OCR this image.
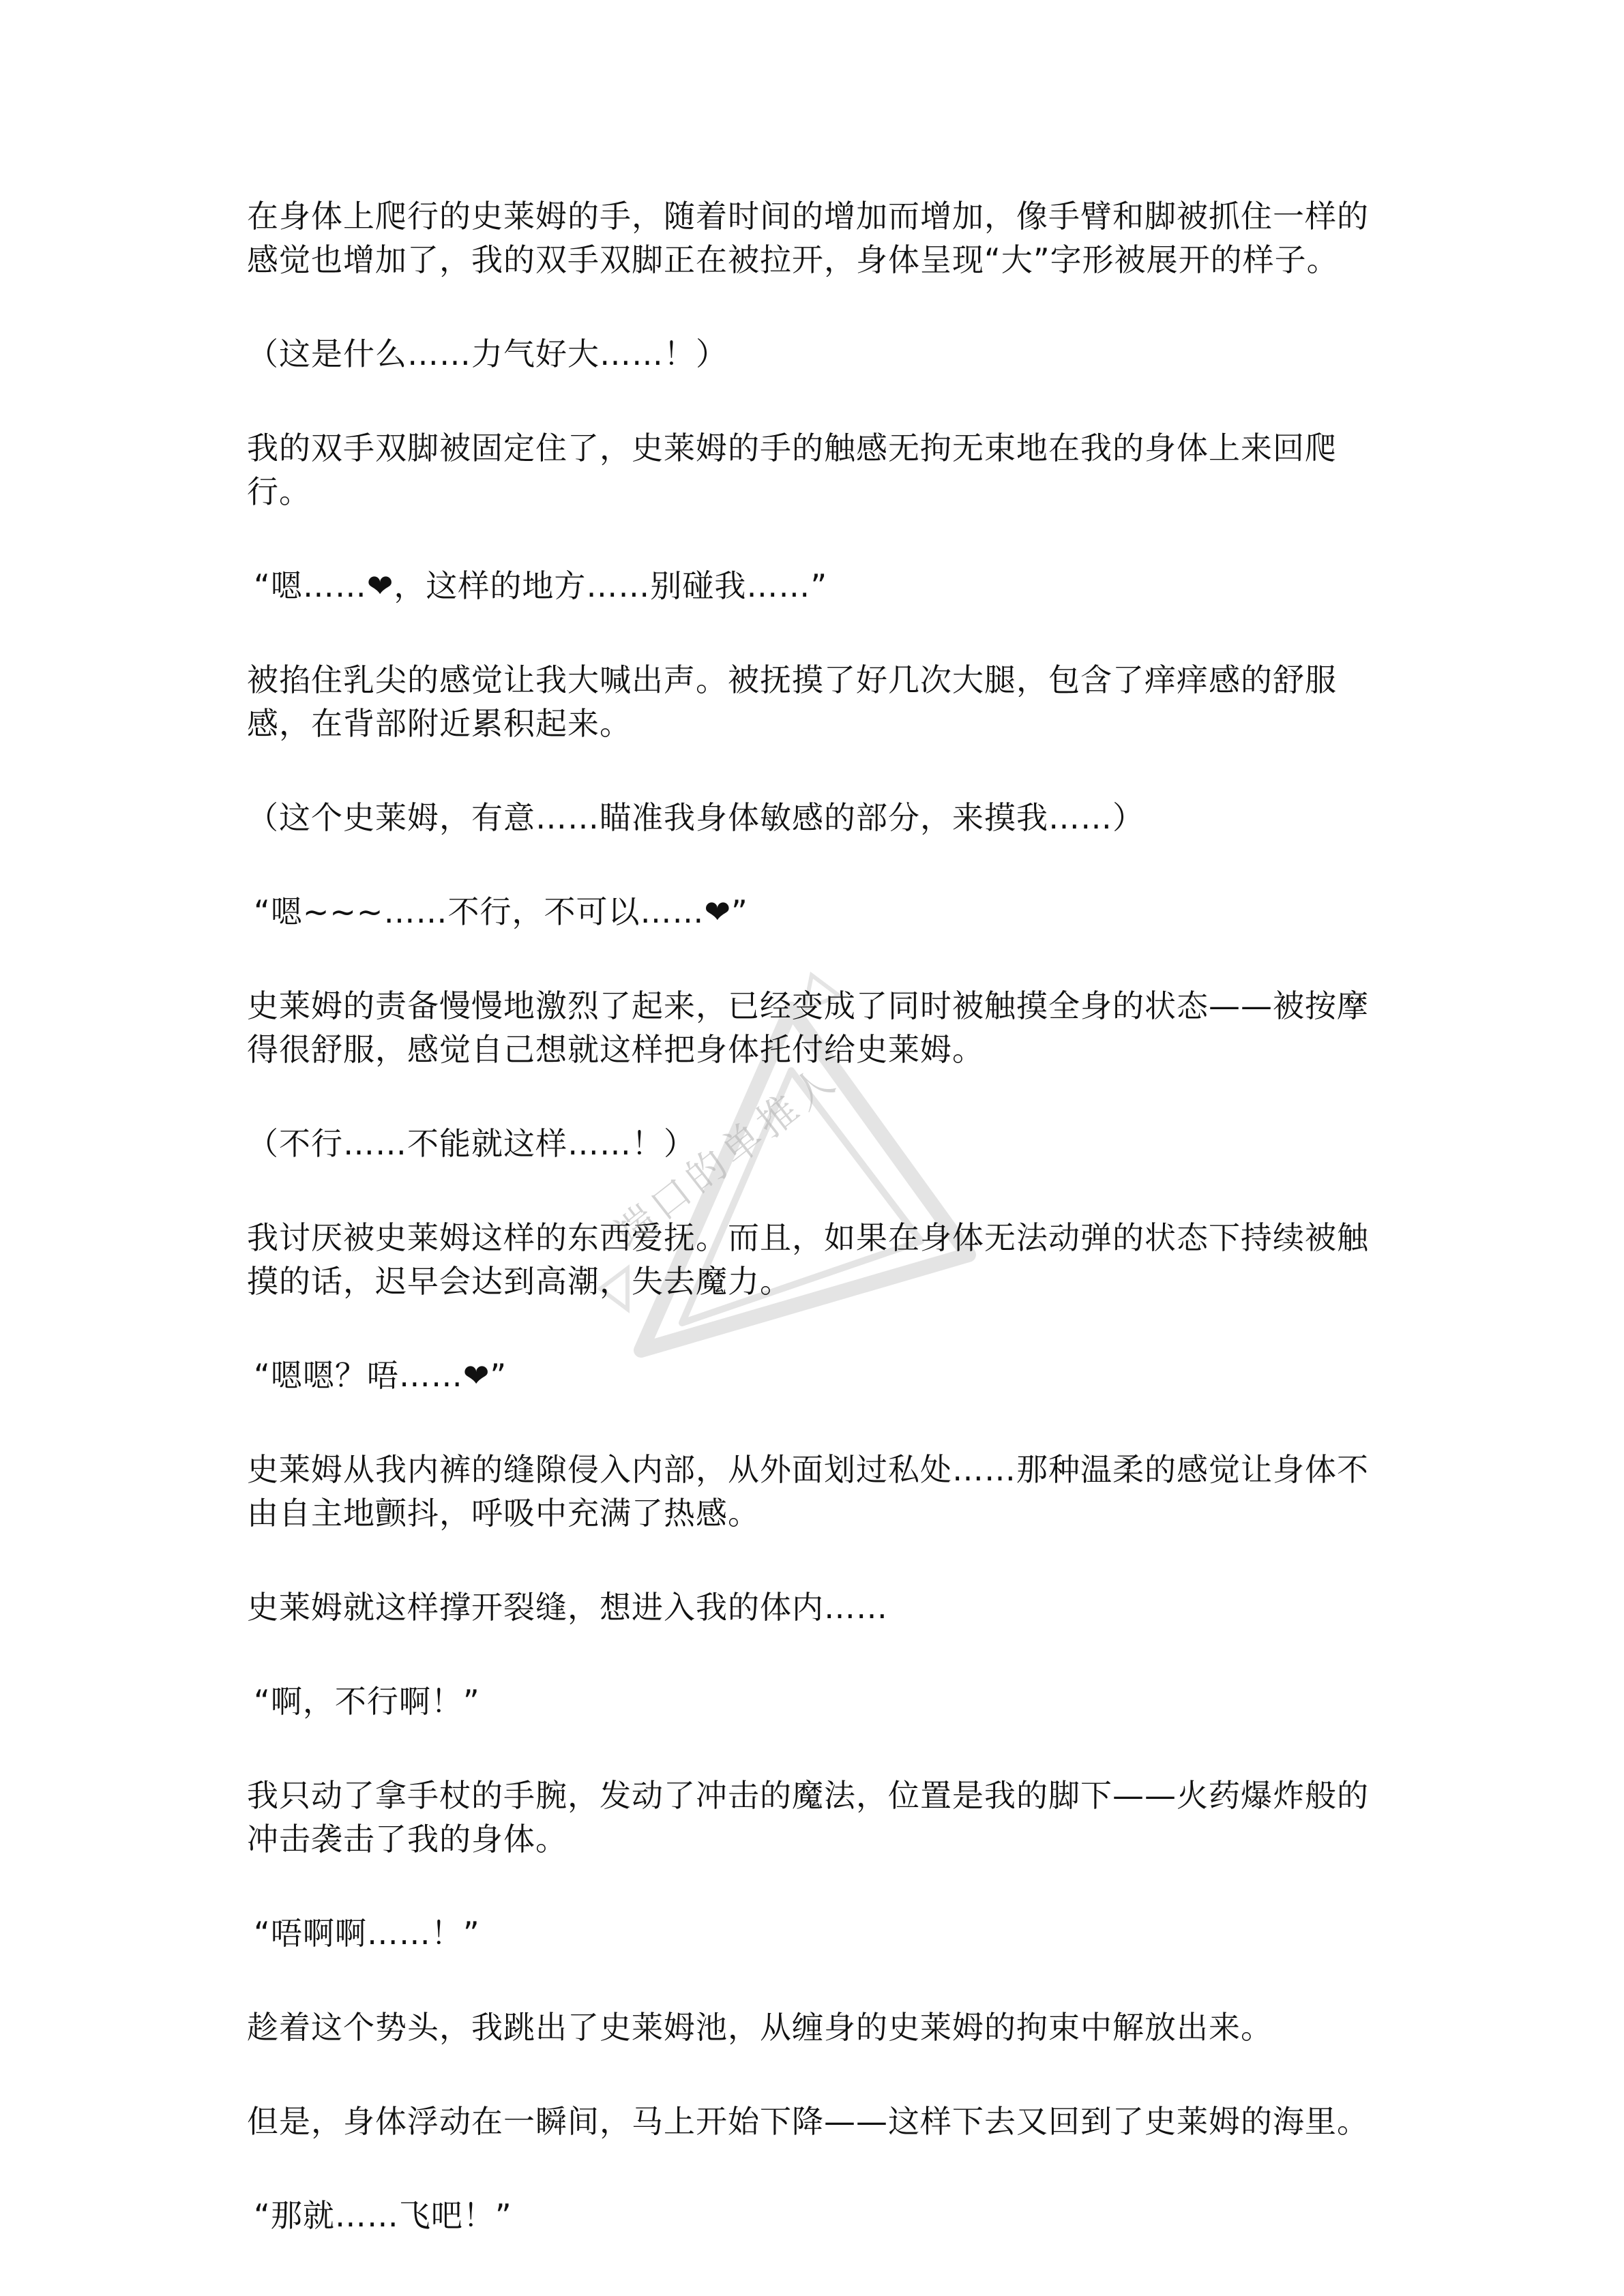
端口的单推人

在身体上爬行的史莱姆的手，随着时间的增加而增加，像手臂和脚被抓住一样的感觉也增加了，我的双手双脚正在被拉开，身体呈现“大”字形被展开的样子。

（这是什么……力气好大……！）

我的双手双脚被固定住了，史莱姆的手的触感无拘无束地在我的身体上来回爬行。

“嗯……❤，这样的地方……别碰我……”

被掐住乳尖的感觉让我大喊出声。被抚摸了好几次大腿，包含了痒痒感的舒服感，在背部附近累积起来。

（这个史莱姆，有意……瞄准我身体敏感的部分，来摸我……）

“嗯~~~……不行，不可以……❤”

史莱姆的责备慢慢地激烈了起来，已经变成了同时被触摸全身的状态——被按摩得很舒服，感觉自己想就这样把身体托付给史莱姆。

（不行……不能就这样……！）

我讨厌被史莱姆这样的东西爱抚。而且，如果在身体无法动弹的状态下持续被触摸的话，迟早会达到高潮，失去魔力。

“嗯嗯？唔……❤”

史莱姆从我内裤的缝隙侵入内部，从外面划过私处……那种温柔的感觉让身体不由自主地颤抖，呼吸中充满了热感。

史莱姆就这样撑开裂缝，想进入我的体内……

“啊，不行啊！”

我只动了拿手杖的手腕，发动了冲击的魔法，位置是我的脚下——火药爆炸般的冲击袭击了我的身体。

“唔啊啊……！”

趁着这个势头，我跳出了史莱姆池，从缠身的史莱姆的拘束中解放出来。

但是，身体浮动在一瞬间，马上开始下降——这样下去又回到了史莱姆的海里。

“那就……飞吧！”
